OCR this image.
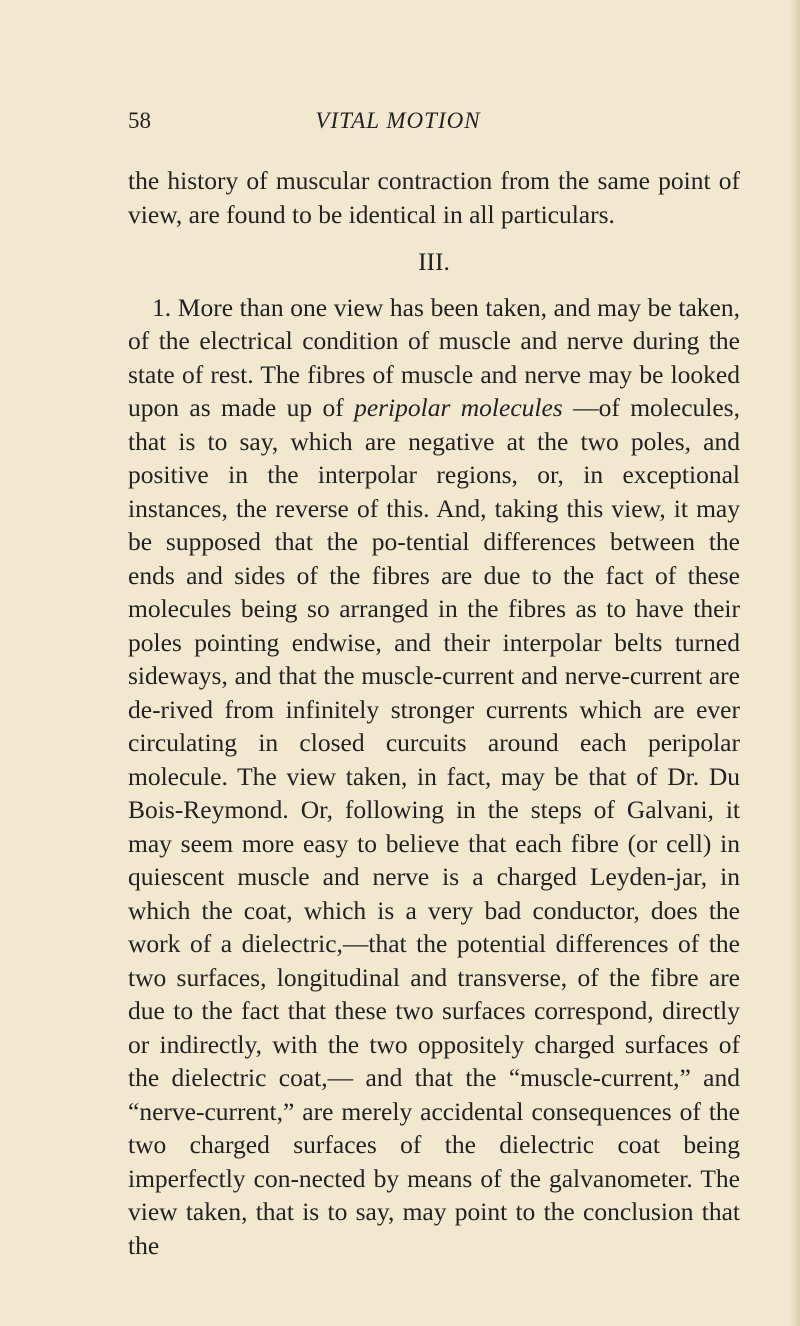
58	VITAL MOTION

the history of muscular contraction from the same point of view, are found to be identical in all particulars.

III.

1. More than one view has been taken, and may be taken, of the electrical condition of muscle and nerve during the state of rest. The fibres of muscle and nerve may be looked upon as made up of peripolar molecules —of molecules, that is to say, which are negative at the two poles, and positive in the interpolar regions, or, in exceptional instances, the reverse of this. And, taking this view, it may be supposed that the po-tential differences between the ends and sides of the fibres are due to the fact of these molecules being so arranged in the fibres as to have their poles pointing endwise, and their interpolar belts turned sideways, and that the muscle-current and nerve-current are de-rived from infinitely stronger currents which are ever circulating in closed curcuits around each peripolar molecule. The view taken, in fact, may be that of Dr. Du Bois-Reymond. Or, following in the steps of Galvani, it may seem more easy to believe that each fibre (or cell) in quiescent muscle and nerve is a charged Leyden-jar, in which the coat, which is a very bad conductor, does the work of a dielectric,—that the potential differences of the two surfaces, longitudinal and transverse, of the fibre are due to the fact that these two surfaces correspond, directly or indirectly, with the two oppositely charged surfaces of the dielectric coat,— and that the “muscle-current,” and “nerve-current,” are merely accidental consequences of the two charged surfaces of the dielectric coat being imperfectly con-nected by means of the galvanometer. The view taken, that is to say, may point to the conclusion that the
